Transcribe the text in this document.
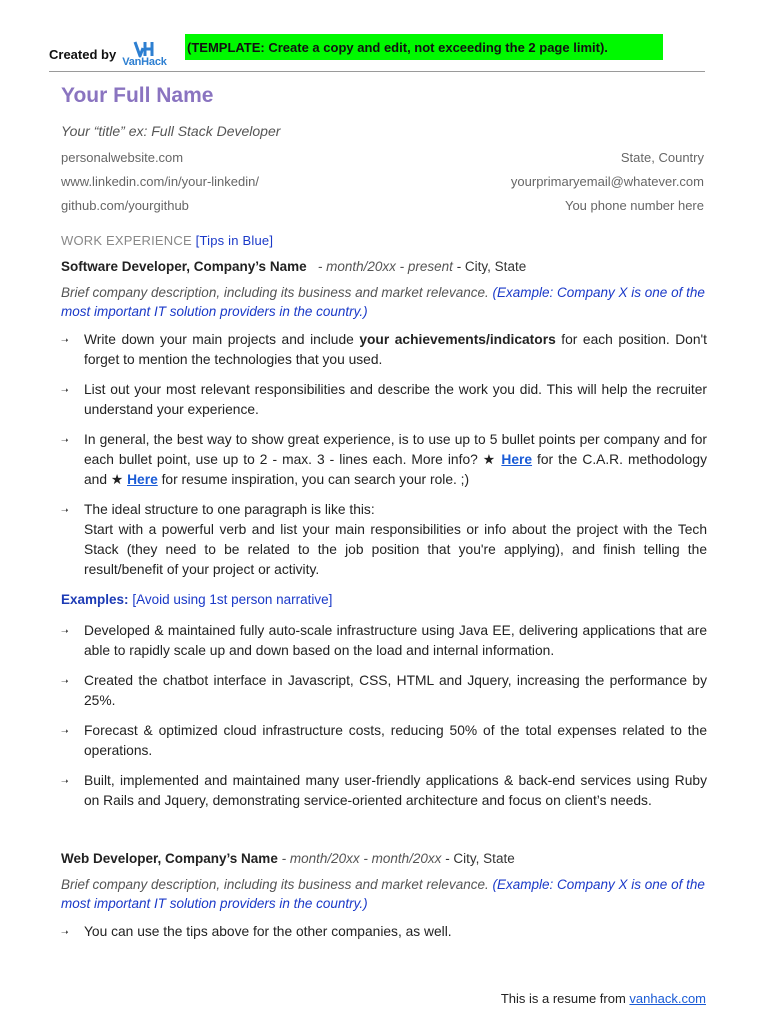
Created by
VanHack
(TEMPLATE: Create a copy and edit, not exceeding the 2 page limit).
Your Full Name
Your “title” ex: Full Stack Developer
personalwebsite.com
www.linkedin.com/in/your-linkedin/
github.com/yourgithub
State, Country
yourprimaryemail@whatever.com
You phone number here
WORK EXPERIENCE [Tips in Blue]
Software Developer, Company’s Name - month/20xx - present - City, State
Brief company description, including its business and market relevance. (Example: Company X is one of the most important IT solution providers in the country.)
➝ Write down your main projects and include your achievements/indicators for each position. Don't forget to mention the technologies that you used.
➝ List out your most relevant responsibilities and describe the work you did. This will help the recruiter understand your experience.
➝ In general, the best way to show great experience, is to use up to 5 bullet points per company and for each bullet point, use up to 2 - max. 3 - lines each. More info? ★ Here for the C.A.R. methodology and ★ Here for resume inspiration, you can search your role. ;)
➝ The ideal structure to one paragraph is like this:
Start with a powerful verb and list your main responsibilities or info about the project with the Tech Stack (they need to be related to the job position that you're applying), and finish telling the result/benefit of your project or activity.
Examples: [Avoid using 1st person narrative]
➝ Developed & maintained fully auto-scale infrastructure using Java EE, delivering applications that are able to rapidly scale up and down based on the load and internal information.
➝ Created the chatbot interface in Javascript, CSS, HTML and Jquery, increasing the performance by 25%.
➝ Forecast & optimized cloud infrastructure costs, reducing 50% of the total expenses related to the operations.
➝ Built, implemented and maintained many user-friendly applications & back-end services using Ruby on Rails and Jquery, demonstrating service-oriented architecture and focus on client’s needs.
Web Developer, Company’s Name - month/20xx - month/20xx - City, State
Brief company description, including its business and market relevance. (Example: Company X is one of the most important IT solution providers in the country.)
➝ You can use the tips above for the other companies, as well.
This is a resume from vanhack.com
